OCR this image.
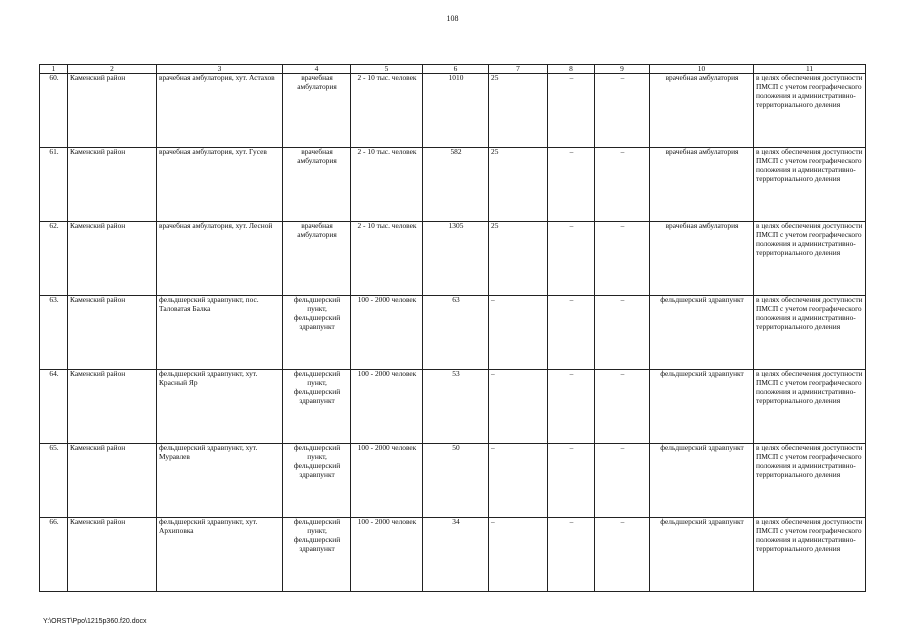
108
1	2	3	4	5	6	7	8	9	10	11
60.	Каменский район	врачебная амбулатория, хут. Астахов	врачебная амбулатория	2 - 10 тыс. человек	1010	25	–	–	врачебная амбулатория	в целях обеспечения доступности ПМСП с учетом географического положения и административно-территориального деления
61.	Каменский район	врачебная амбулатория, хут. Гусев	врачебная амбулатория	2 - 10 тыс. человек	582	25	–	–	врачебная амбулатория	в целях обеспечения доступности ПМСП с учетом географического положения и административно-территориального деления
62.	Каменский район	врачебная амбулатория, хут. Лесной	врачебная амбулатория	2 - 10 тыс. человек	1305	25	–	–	врачебная амбулатория	в целях обеспечения доступности ПМСП с учетом географического положения и административно-территориального деления
63.	Каменский район	фельдшерский здравпункт, пос. Таловатая Балка	фельдшерский пункт, фельдшерский здравпункт	100 - 2000 человек	63	–	–	–	фельдшерский здравпункт	в целях обеспечения доступности ПМСП с учетом географического положения и административно-территориального деления
64.	Каменский район	фельдшерский здравпункт, хут. Красный Яр	фельдшерский пункт, фельдшерский здравпункт	100 - 2000 человек	53	–	–	–	фельдшерский здравпункт	в целях обеспечения доступности ПМСП с учетом географического положения и административно-территориального деления
65.	Каменский район	фельдшерский здравпункт, хут. Муравлев	фельдшерский пункт, фельдшерский здравпункт	100 - 2000 человек	50	–	–	–	фельдшерский здравпункт	в целях обеспечения доступности ПМСП с учетом географического положения и административно-территориального деления
66.	Каменский район	фельдшерский здравпункт, хут. Архиповка	фельдшерский пункт, фельдшерский здравпункт	100 - 2000 человек	34	–	–	–	фельдшерский здравпункт	в целях обеспечения доступности ПМСП с учетом географического положения и административно-территориального деления
Y:\ORST\Ppo\1215p360.f20.docx
